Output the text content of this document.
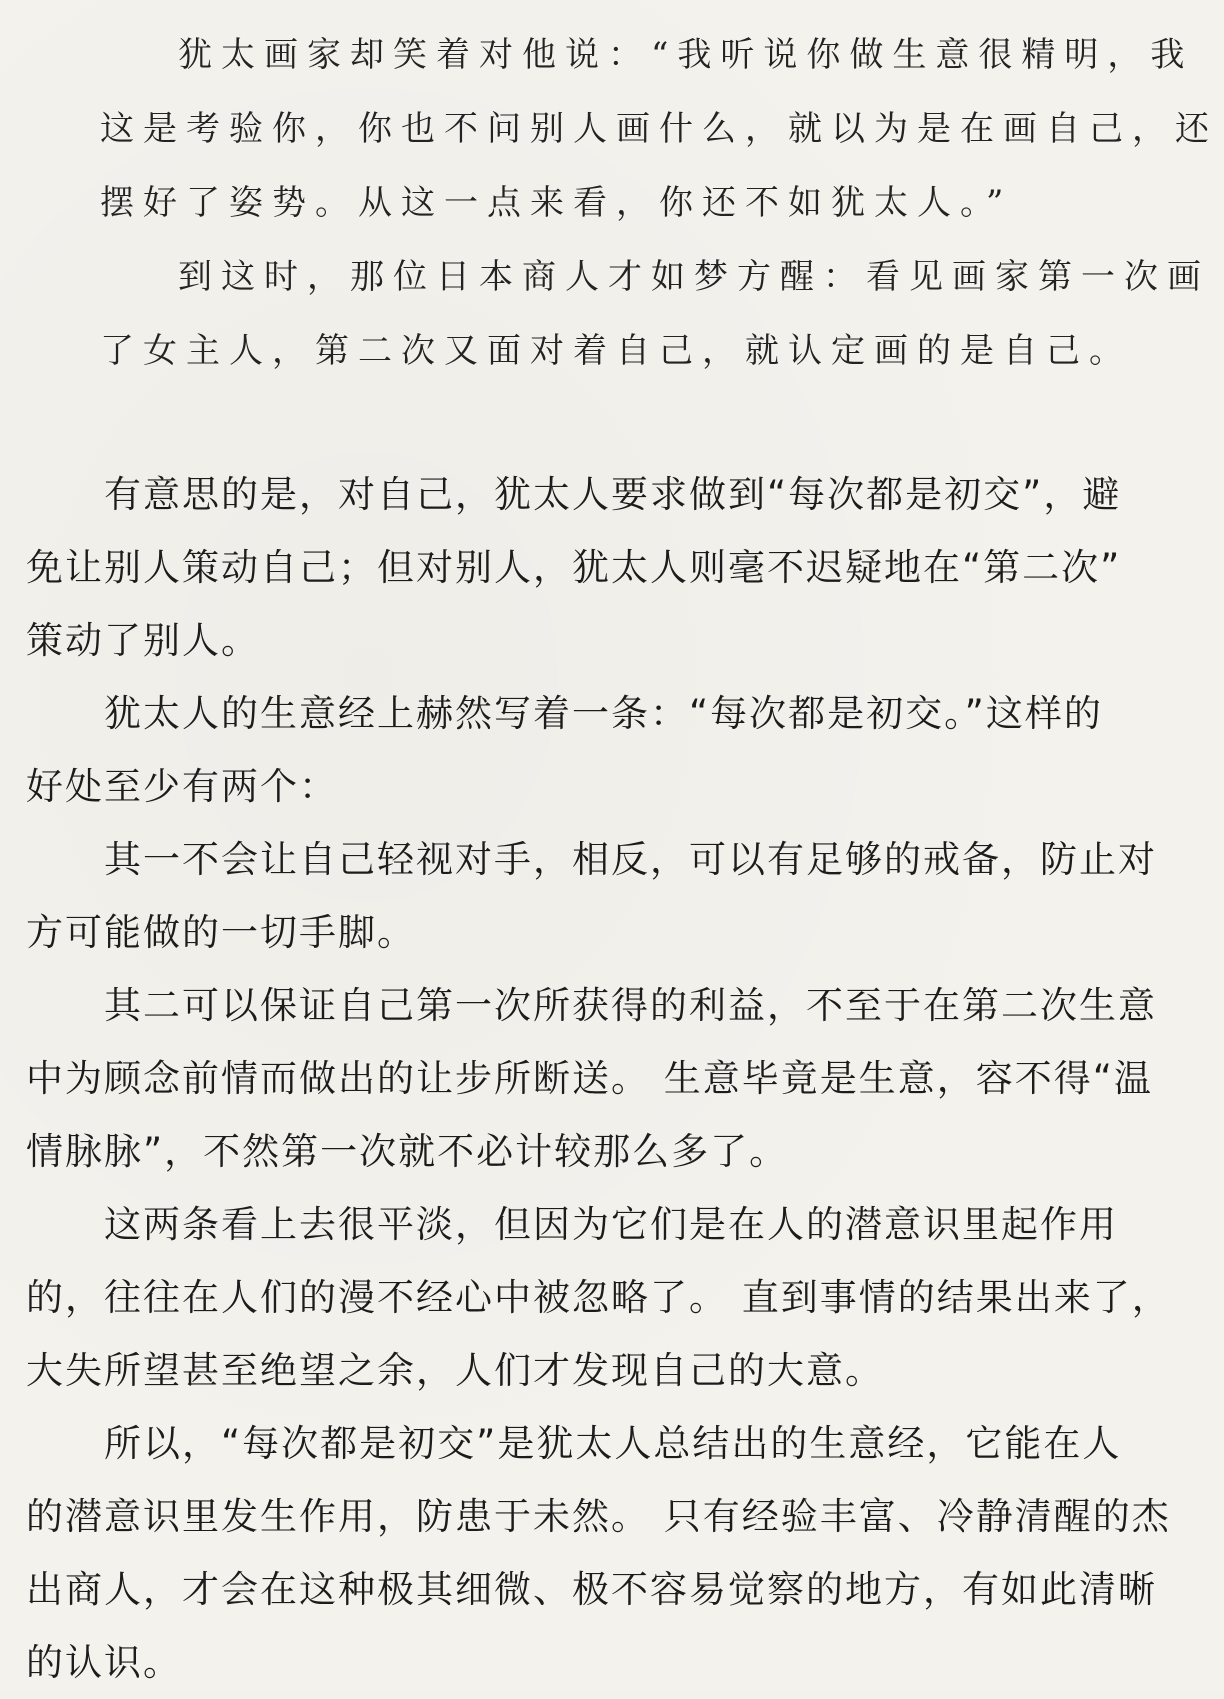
犹太画家却笑着对他说：“我听说你做生意很精明，我
这是考验你，你也不问别人画什么，就以为是在画自己，还
摆好了姿势。从这一点来看，你还不如犹太人。”
到这时，那位日本商人才如梦方醒：看见画家第一次画
了女主人，第二次又面对着自己，就认定画的是自己。
有意思的是，对自己，犹太人要求做到“每次都是初交”，避
免让别人策动自己；但对别人，犹太人则毫不迟疑地在“第二次”
策动了别人。
犹太人的生意经上赫然写着一条：“每次都是初交。”这样的
好处至少有两个：
其一不会让自己轻视对手，相反，可以有足够的戒备，防止对
方可能做的一切手脚。
其二可以保证自己第一次所获得的利益，不至于在第二次生意
中为顾念前情而做出的让步所断送。 生意毕竟是生意，容不得“温
情脉脉”，不然第一次就不必计较那么多了。
这两条看上去很平淡，但因为它们是在人的潜意识里起作用
的，往往在人们的漫不经心中被忽略了。 直到事情的结果出来了，
大失所望甚至绝望之余，人们才发现自己的大意。
所以，“每次都是初交”是犹太人总结出的生意经，它能在人
的潜意识里发生作用，防患于未然。 只有经验丰富、冷静清醒的杰
出商人，才会在这种极其细微、极不容易觉察的地方，有如此清晰
的认识。
